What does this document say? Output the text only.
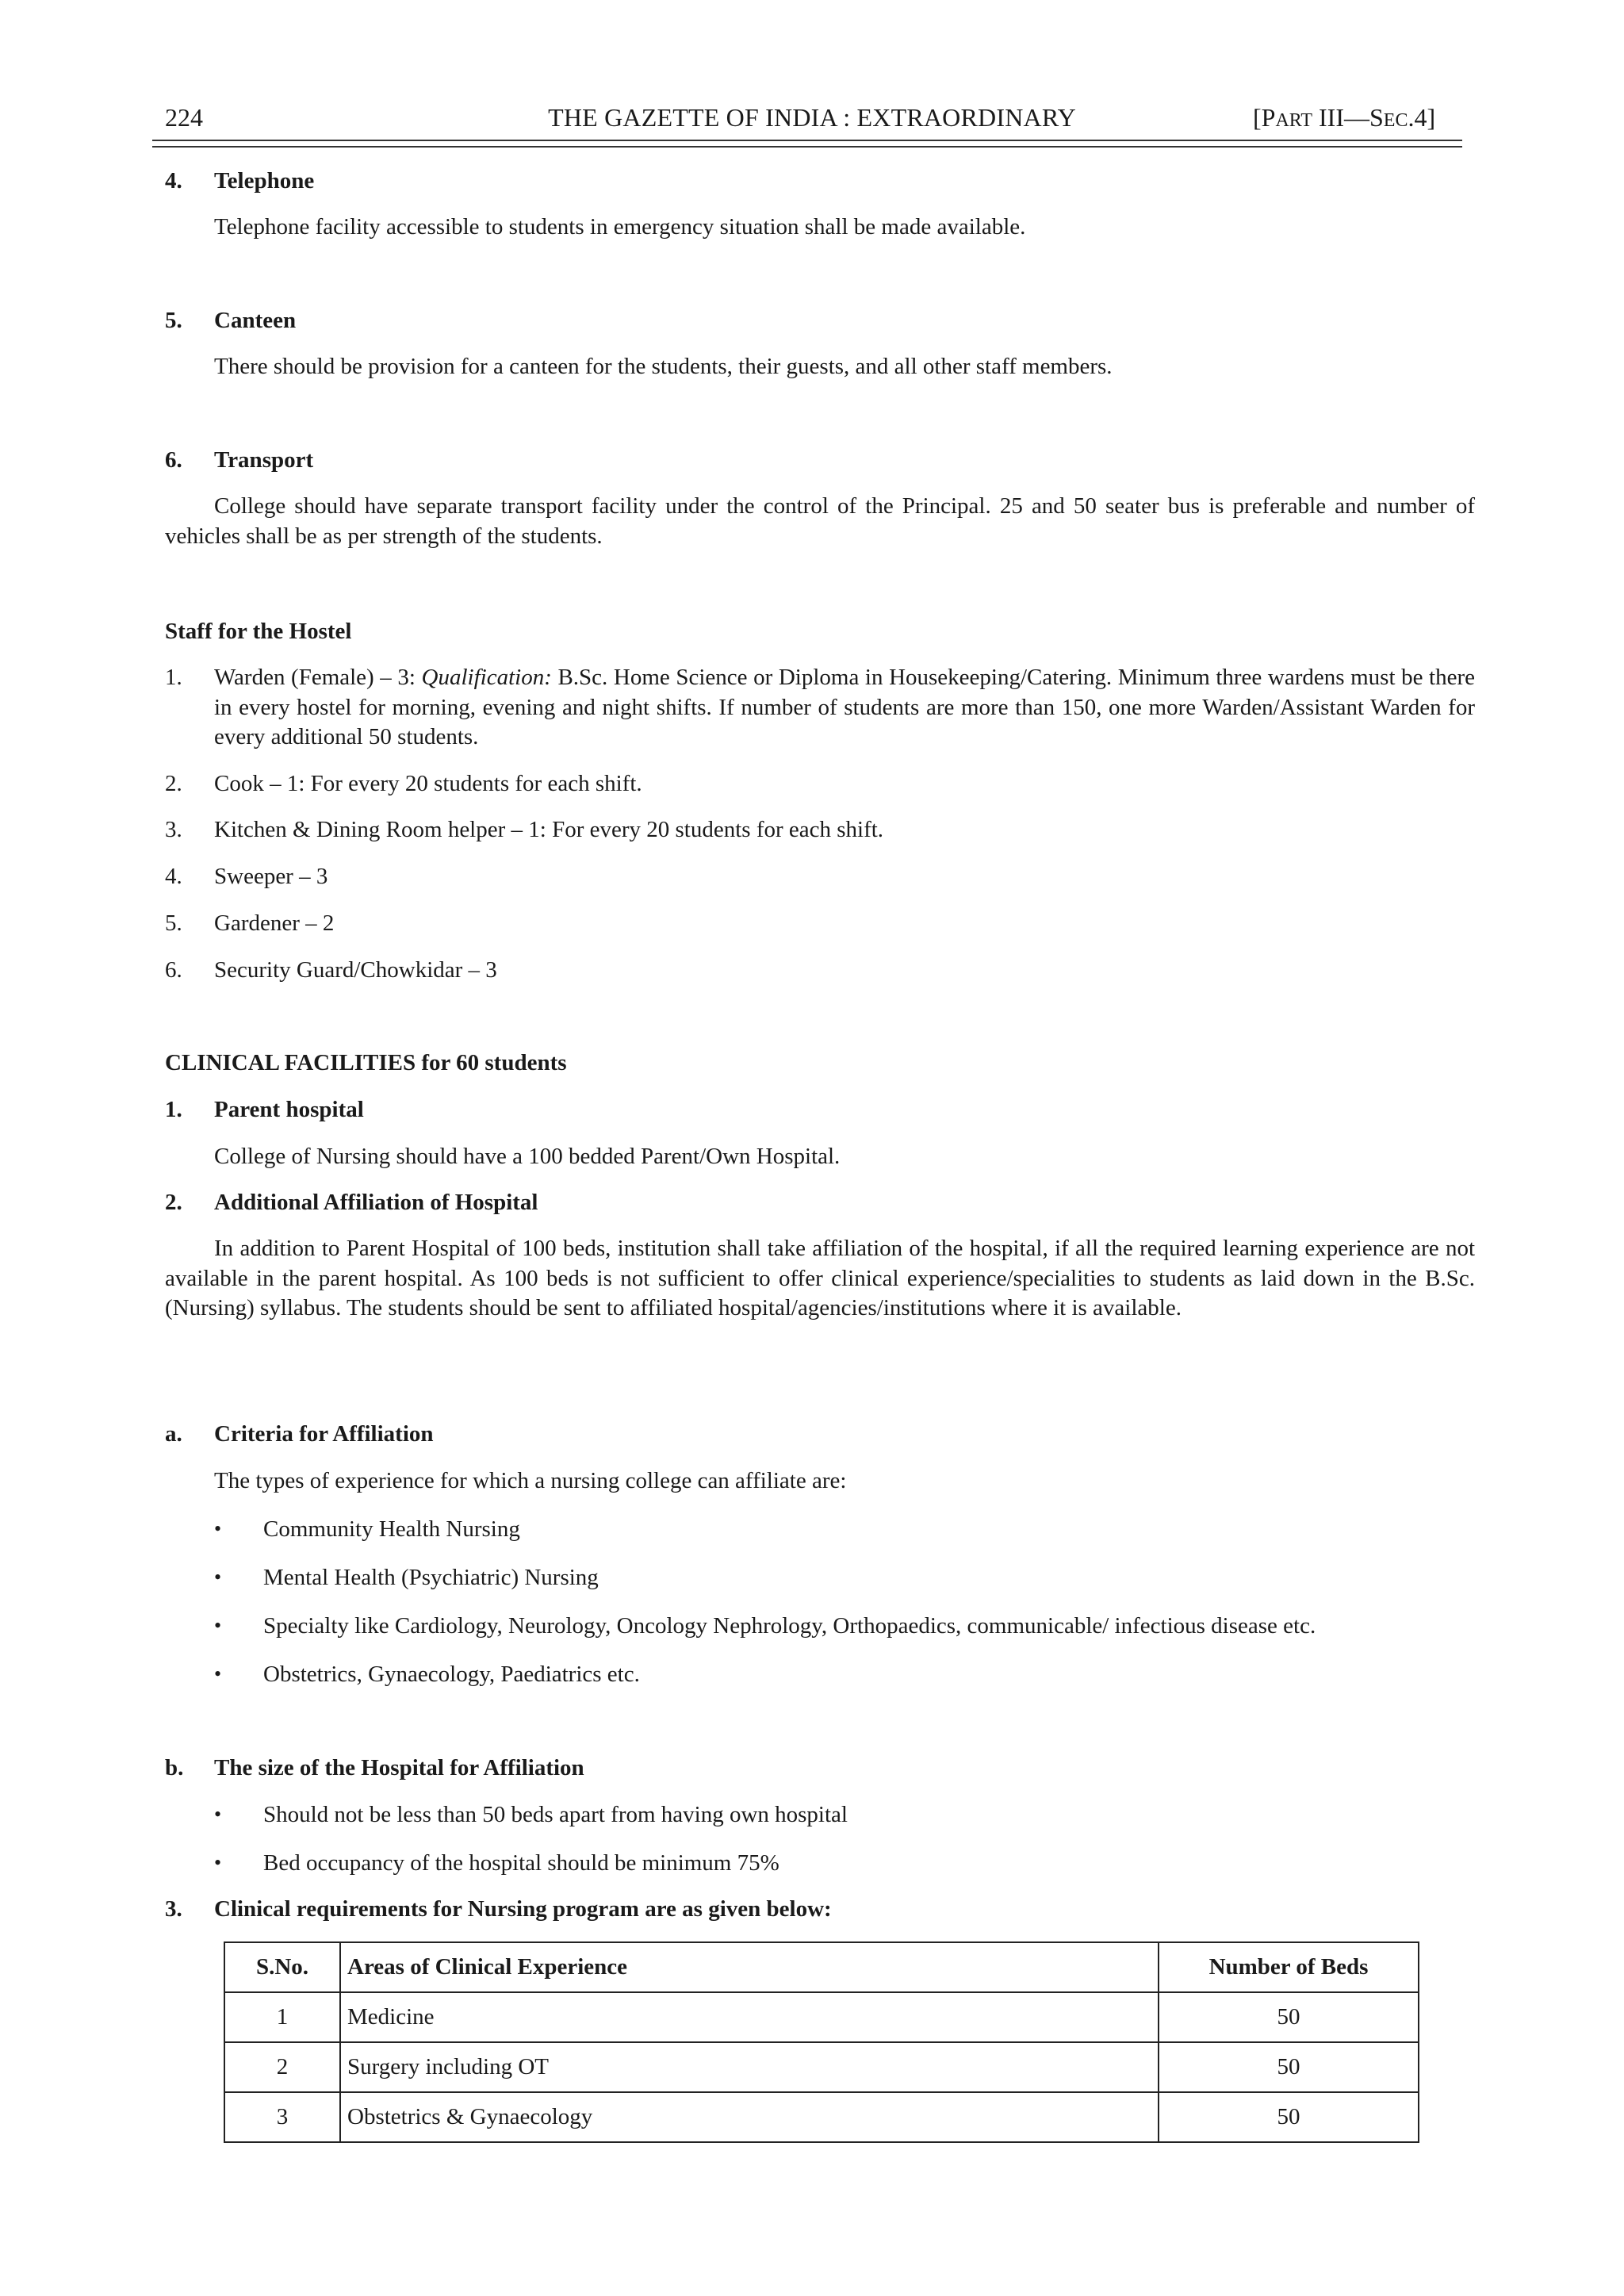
224	THE GAZETTE OF INDIA : EXTRAORDINARY	[PART III—SEC.4]
4. Telephone
Telephone facility accessible to students in emergency situation shall be made available.
5. Canteen
There should be provision for a canteen for the students, their guests, and all other staff members.
6. Transport
College should have separate transport facility under the control of the Principal. 25 and 50 seater bus is preferable and number of vehicles shall be as per strength of the students.
Staff for the Hostel
1. Warden (Female) – 3: Qualification: B.Sc. Home Science or Diploma in Housekeeping/Catering. Minimum three wardens must be there in every hostel for morning, evening and night shifts. If number of students are more than 150, one more Warden/Assistant Warden for every additional 50 students.
2. Cook – 1: For every 20 students for each shift.
3. Kitchen & Dining Room helper – 1: For every 20 students for each shift.
4. Sweeper – 3
5. Gardener – 2
6. Security Guard/Chowkidar – 3
CLINICAL FACILITIES for 60 students
1. Parent hospital
College of Nursing should have a 100 bedded Parent/Own Hospital.
2. Additional Affiliation of Hospital
In addition to Parent Hospital of 100 beds, institution shall take affiliation of the hospital, if all the required learning experience are not available in the parent hospital. As 100 beds is not sufficient to offer clinical experience/specialities to students as laid down in the B.Sc. (Nursing) syllabus. The students should be sent to affiliated hospital/agencies/institutions where it is available.
a. Criteria for Affiliation
The types of experience for which a nursing college can affiliate are:
• Community Health Nursing
• Mental Health (Psychiatric) Nursing
• Specialty like Cardiology, Neurology, Oncology Nephrology, Orthopaedics, communicable/ infectious disease etc.
• Obstetrics, Gynaecology, Paediatrics etc.
b. The size of the Hospital for Affiliation
• Should not be less than 50 beds apart from having own hospital
• Bed occupancy of the hospital should be minimum 75%
3. Clinical requirements for Nursing program are as given below:
S.No.	Areas of Clinical Experience	Number of Beds
1	Medicine	50
2	Surgery including OT	50
3	Obstetrics & Gynaecology	50
